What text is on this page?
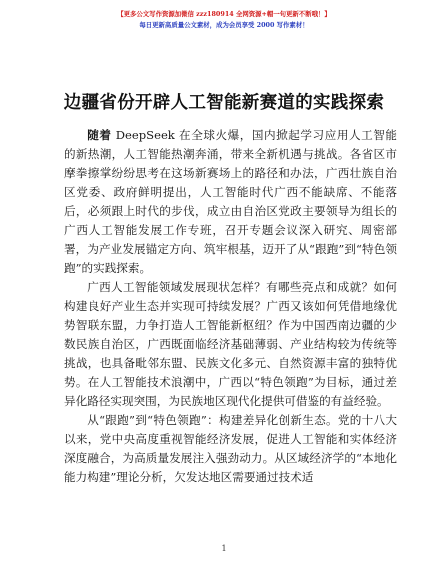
【更多公文写作资源加微信 zzz180914 全网资源+帽一句更新不断哦！】
每日更新高质量公文素材，成为会员享受 2000 写作素材！
边疆省份开辟人工智能新赛道的实践探索

随着 DeepSeek 在全球火爆，国内掀起学习应用人工智能的新热潮，人工智能热潮奔涌，带来全新机遇与挑战。各省区市摩拳擦掌纷纷思考在这场新赛场上的路径和办法，广西壮族自治区党委、政府鲜明提出，人工智能时代广西不能缺席、不能落后，必须跟上时代的步伐，成立由自治区党政主要领导为组长的广西人工智能发展工作专班，召开专题会议深入研究、周密部署，为产业发展锚定方向、筑牢根基，迈开了从“跟跑”到“特色领跑”的实践探索。

广西人工智能领域发展现状怎样？有哪些亮点和成就？如何构建良好产业生态并实现可持续发展？广西又该如何凭借地缘优势智联东盟，力争打造人工智能新枢纽？作为中国西南边疆的少数民族自治区，广西既面临经济基础薄弱、产业结构较为传统等挑战，也具备毗邻东盟、民族文化多元、自然资源丰富的独特优势。在人工智能技术浪潮中，广西以“特色领跑”为目标，通过差异化路径实现突围，为民族地区现代化提供可借鉴的有益经验。

从“跟跑”到“特色领跑”：构建差异化创新生态。党的十八大以来，党中央高度重视智能经济发展，促进人工智能和实体经济深度融合，为高质量发展注入强劲动力。从区域经济学的“本地化能力构建”理论分析，欠发达地区需要通过技术适

1
